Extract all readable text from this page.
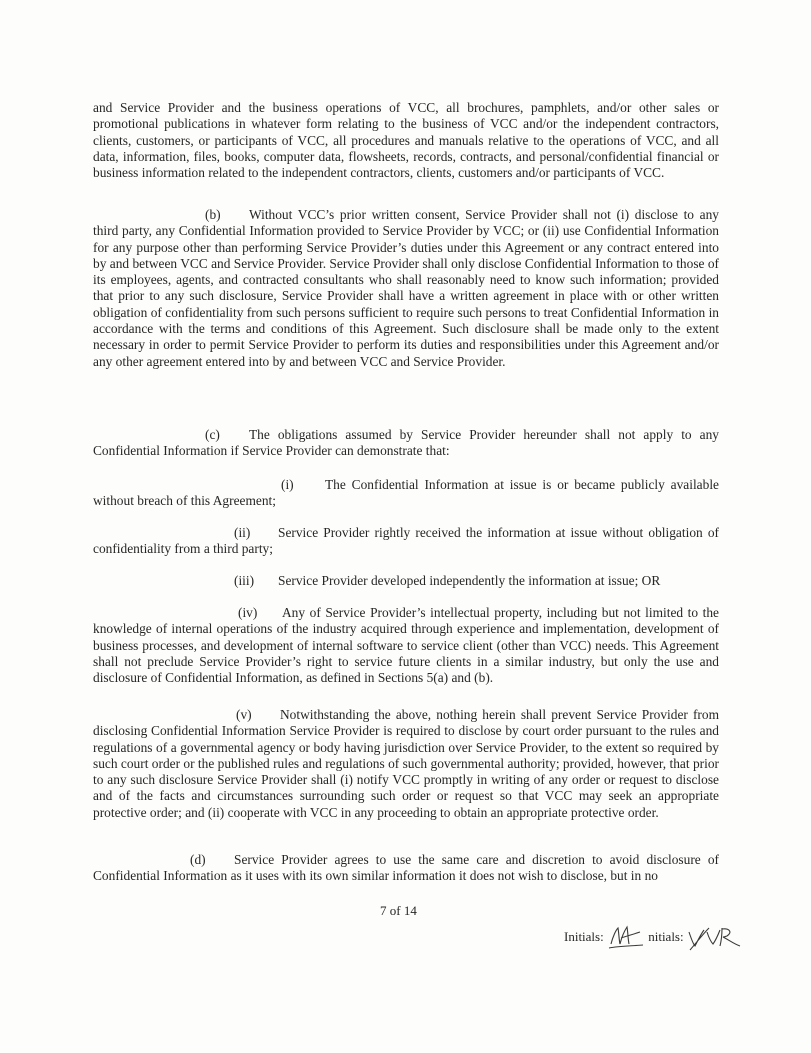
and Service Provider and the business operations of VCC, all brochures, pamphlets, and/or other sales or promotional publications in whatever form relating to the business of VCC and/or the independent contractors, clients, customers, or participants of VCC, all procedures and manuals relative to the operations of VCC, and all data, information, files, books, computer data, flowsheets, records, contracts, and personal/confidential financial or business information related to the independent contractors, clients, customers and/or participants of VCC.

(b) Without VCC’s prior written consent, Service Provider shall not (i) disclose to any third party, any Confidential Information provided to Service Provider by VCC; or (ii) use Confidential Information for any purpose other than performing Service Provider’s duties under this Agreement or any contract entered into by and between VCC and Service Provider. Service Provider shall only disclose Confidential Information to those of its employees, agents, and contracted consultants who shall reasonably need to know such information; provided that prior to any such disclosure, Service Provider shall have a written agreement in place with or other written obligation of confidentiality from such persons sufficient to require such persons to treat Confidential Information in accordance with the terms and conditions of this Agreement. Such disclosure shall be made only to the extent necessary in order to permit Service Provider to perform its duties and responsibilities under this Agreement and/or any other agreement entered into by and between VCC and Service Provider.

(c) The obligations assumed by Service Provider hereunder shall not apply to any Confidential Information if Service Provider can demonstrate that:

(i) The Confidential Information at issue is or became publicly available without breach of this Agreement;

(ii) Service Provider rightly received the information at issue without obligation of confidentiality from a third party;

(iii) Service Provider developed independently the information at issue; OR

(iv) Any of Service Provider’s intellectual property, including but not limited to the knowledge of internal operations of the industry acquired through experience and implementation, development of business processes, and development of internal software to service client (other than VCC) needs. This Agreement shall not preclude Service Provider’s right to service future clients in a similar industry, but only the use and disclosure of Confidential Information, as defined in Sections 5(a) and (b).

(v) Notwithstanding the above, nothing herein shall prevent Service Provider from disclosing Confidential Information Service Provider is required to disclose by court order pursuant to the rules and regulations of a governmental agency or body having jurisdiction over Service Provider, to the extent so required by such court order or the published rules and regulations of such governmental authority; provided, however, that prior to any such disclosure Service Provider shall (i) notify VCC promptly in writing of any order or request to disclose and of the facts and circumstances surrounding such order or request so that VCC may seek an appropriate protective order; and (ii) cooperate with VCC in any proceeding to obtain an appropriate protective order.

(d) Service Provider agrees to use the same care and discretion to avoid disclosure of Confidential Information as it uses with its own similar information it does not wish to disclose, but in no

7 of 14
Initials:	nitials:
